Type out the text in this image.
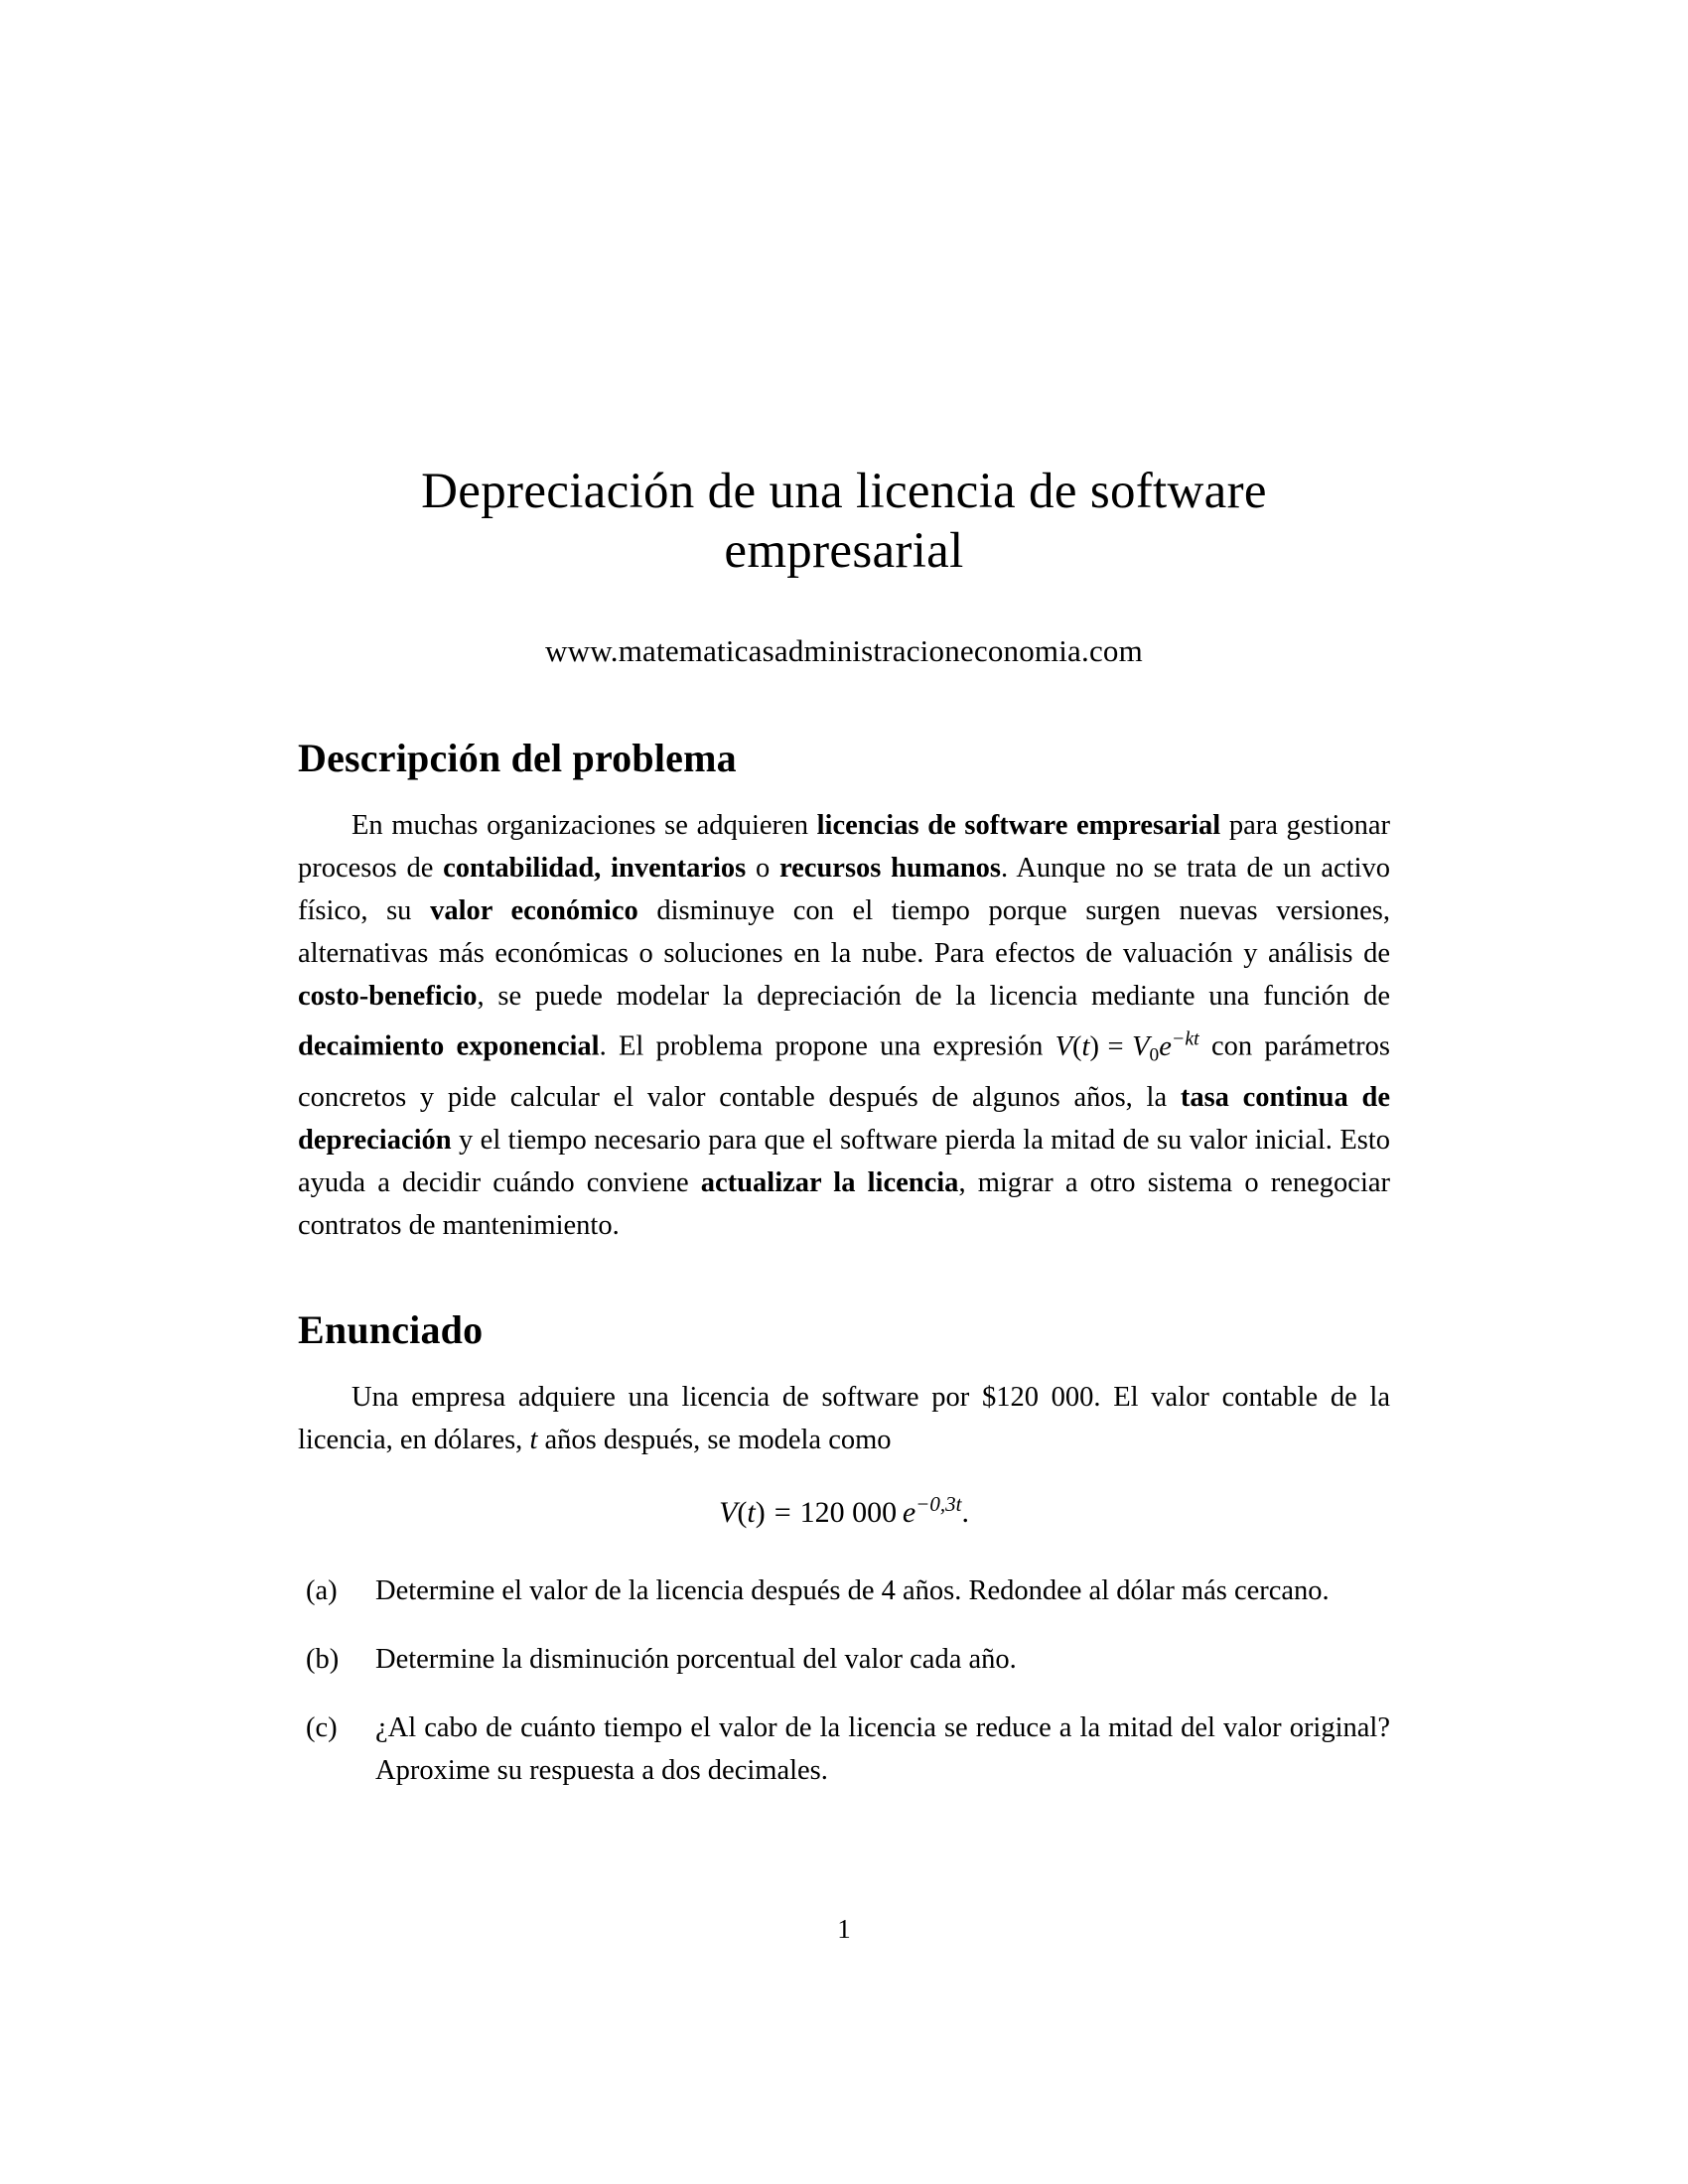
Depreciación de una licencia de software
empresarial
www.matematicasadministracioneconomia.com
Descripción del problema

En muchas organizaciones se adquieren licencias de software empresarial para gestionar procesos de contabilidad, inventarios o recursos humanos. Aunque no se trata de un activo físico, su valor económico disminuye con el tiempo porque surgen nuevas versiones, alternativas más económicas o soluciones en la nube. Para efectos de valuación y análisis de costo-beneficio, se puede modelar la depreciación de la licencia mediante una función de decaimiento exponencial. El problema propone una expresión $V(t) = V_0e^{-kt}$ con parámetros concretos y pide calcular el valor contable después de algunos años, la tasa continua de depreciación y el tiempo necesario para que el software pierda la mitad de su valor inicial. Esto ayuda a decidir cuándo conviene actualizar la licencia, migrar a otro sistema o renegociar contratos de mantenimiento.

Enunciado

Una empresa adquiere una licencia de software por $120 000. El valor contable de la licencia, en dólares, t años después, se modela como

V(t) = 120 000 $e^{-0,3t}$.
(a)	Determine el valor de la licencia después de 4 años. Redondee al dólar más cercano.
(b)	Determine la disminución porcentual del valor cada año.
(c)	¿Al cabo de cuánto tiempo el valor de la licencia se reduce a la mitad del valor original? Aproxime su respuesta a dos decimales.
1
